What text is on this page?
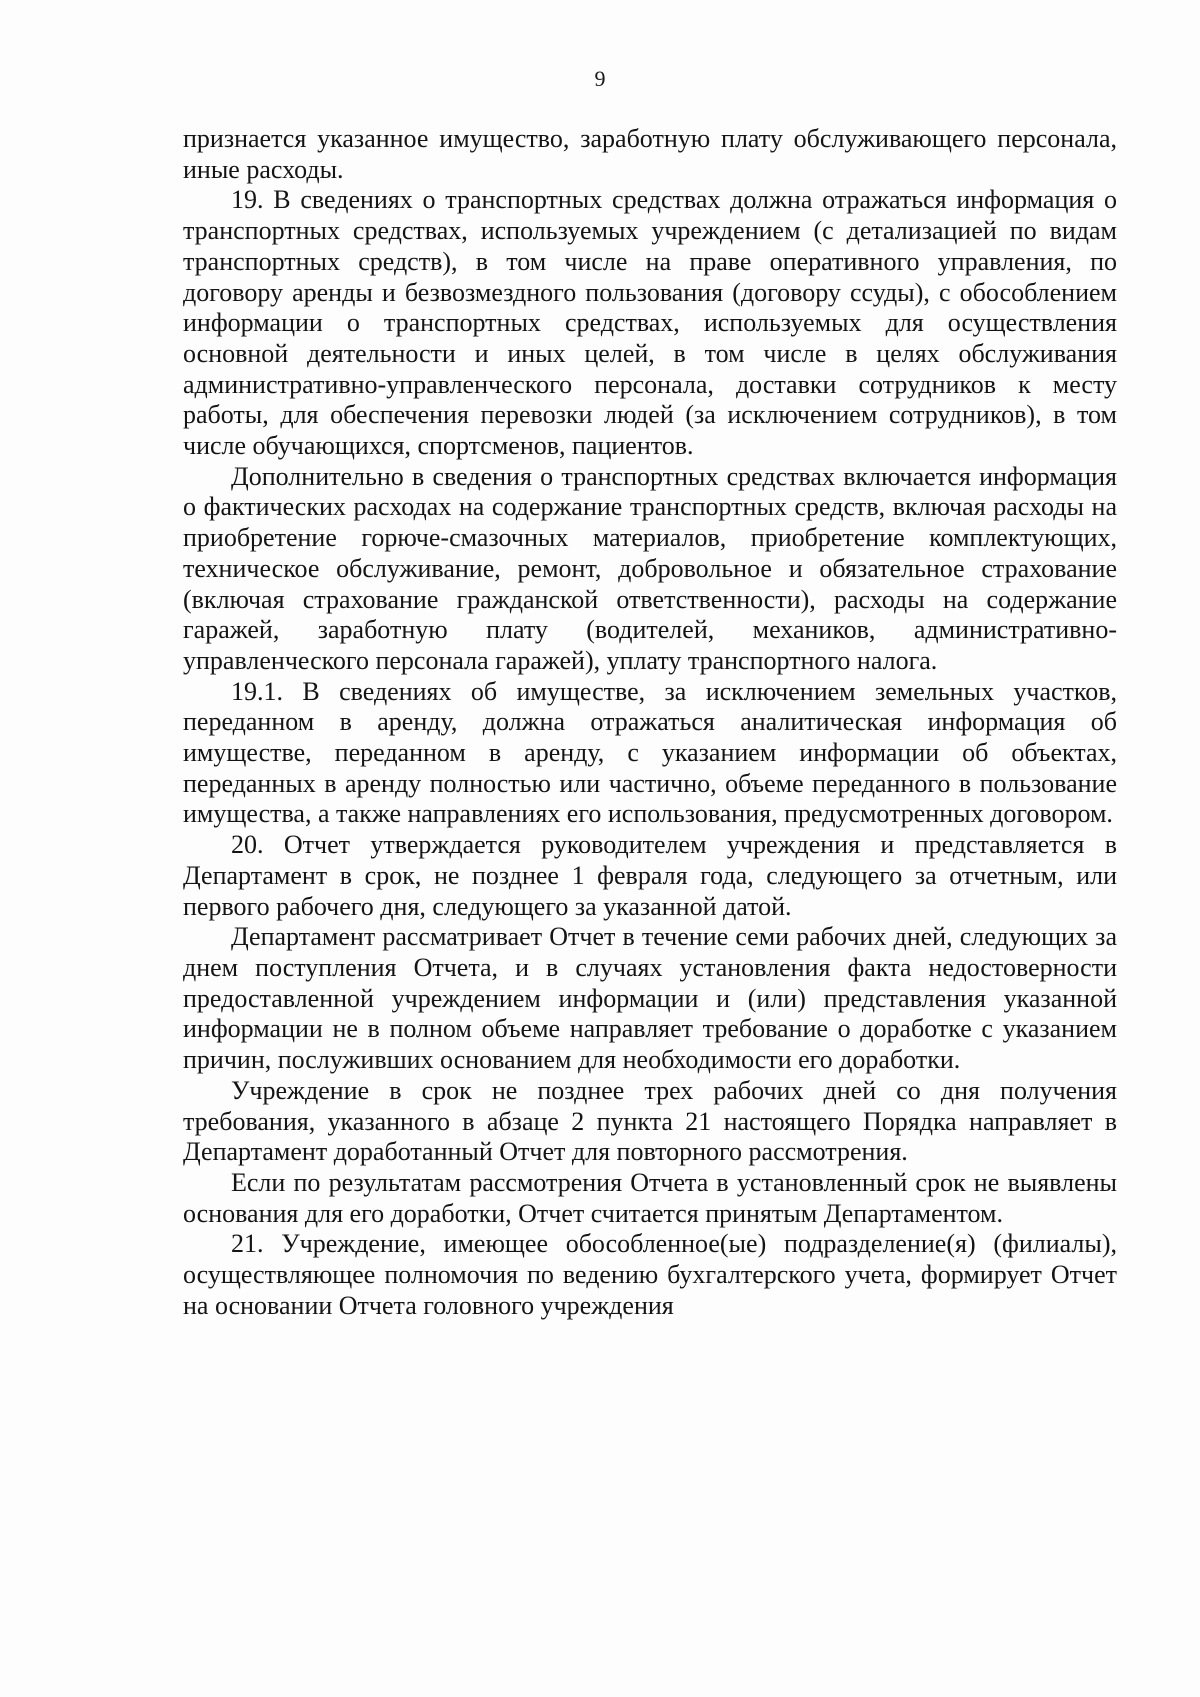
9

признается указанное имущество, заработную плату обслуживающего персонала, иные расходы.

19. В сведениях о транспортных средствах должна отражаться информация о транспортных средствах, используемых учреждением (с детализацией по видам транспортных средств), в том числе на праве оперативного управления, по договору аренды и безвозмездного пользования (договору ссуды), с обособлением информации о транспортных средствах, используемых для осуществления основной деятельности и иных целей, в том числе в целях обслуживания административно-управленческого персонала, доставки сотрудников к месту работы, для обеспечения перевозки людей (за исключением сотрудников), в том числе обучающихся, спортсменов, пациентов.

Дополнительно в сведения о транспортных средствах включается информация о фактических расходах на содержание транспортных средств, включая расходы на приобретение горюче-смазочных материалов, приобретение комплектующих, техническое обслуживание, ремонт, добровольное и обязательное страхование (включая страхование гражданской ответственности), расходы на содержание гаражей, заработную плату (водителей, механиков, административно-управленческого персонала гаражей), уплату транспортного налога.

19.1. В сведениях об имуществе, за исключением земельных участков, переданном в аренду, должна отражаться аналитическая информация об имуществе, переданном в аренду, с указанием информации об объектах, переданных в аренду полностью или частично, объеме переданного в пользование имущества, а также направлениях его использования, предусмотренных договором.

20. Отчет утверждается руководителем учреждения и представляется в Департамент в срок, не позднее 1 февраля года, следующего за отчетным, или первого рабочего дня, следующего за указанной датой.

Департамент рассматривает Отчет в течение семи рабочих дней, следующих за днем поступления Отчета, и в случаях установления факта недостоверности предоставленной учреждением информации и (или) представления указанной информации не в полном объеме направляет требование о доработке с указанием причин, послуживших основанием для необходимости его доработки.

Учреждение в срок не позднее трех рабочих дней со дня получения требования, указанного в абзаце 2 пункта 21 настоящего Порядка направляет в Департамент доработанный Отчет для повторного рассмотрения.

Если по результатам рассмотрения Отчета в установленный срок не выявлены основания для его доработки, Отчет считается принятым Департаментом.

21. Учреждение, имеющее обособленное(ые) подразделение(я) (филиалы), осуществляющее полномочия по ведению бухгалтерского учета, формирует Отчет на основании Отчета головного учреждения
